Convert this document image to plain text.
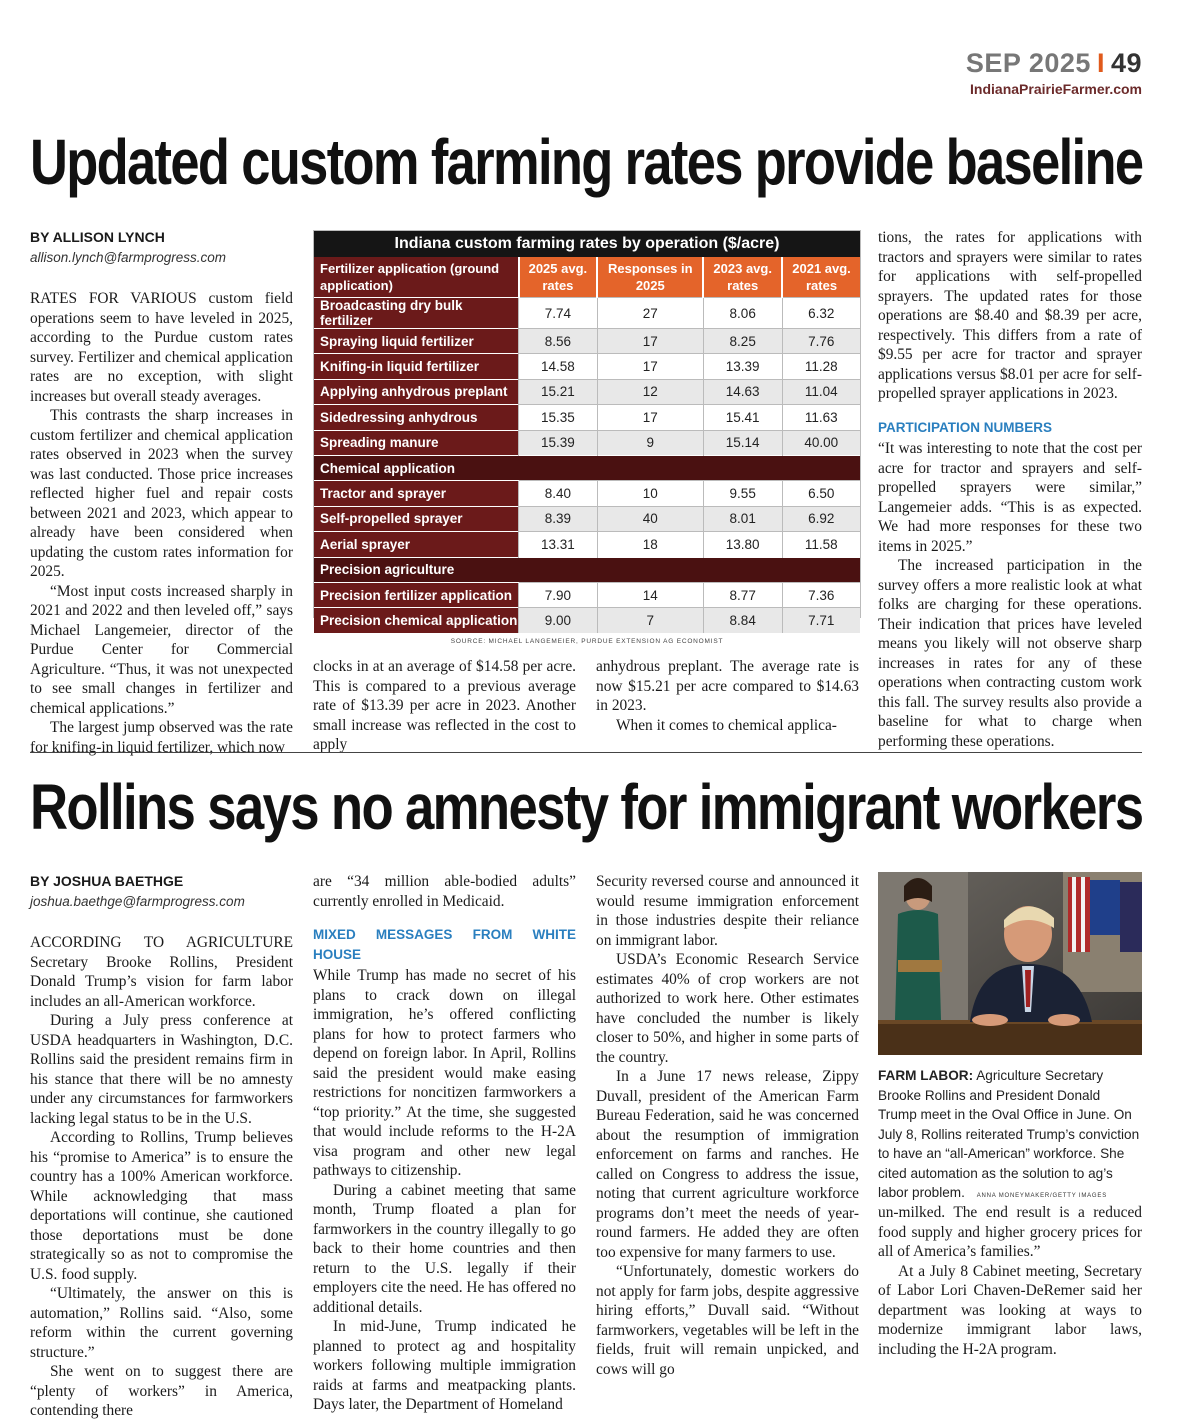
SEP 2025 I 49
IndianaPrairieFarmer.com
Updated custom farming rates provide baseline

BY ALLISON LYNCH

allison.lynch@farmprogress.com

RATES FOR VARIOUS custom field operations seem to have leveled in 2025, according to the Purdue custom rates survey. Fertilizer and chemical application rates are no exception, with slight increases but overall steady averages.

This contrasts the sharp increases in custom fertilizer and chemical application rates observed in 2023 when the survey was last conducted. Those price increases reflected higher fuel and repair costs between 2021 and 2023, which appear to already have been considered when updating the custom rates information for 2025.

“Most input costs increased sharply in 2021 and 2022 and then leveled off,” says Michael Langemeier, director of the Purdue Center for Commercial Agriculture. “Thus, it was not unexpected to see small changes in fertilizer and chemical applications.”

The largest jump observed was the rate for knifing-in liquid fertilizer, which now

Indiana custom farming rates by operation ($/acre)
Fertilizer application (ground application)	2025 avg. rates	Responses in 2025	2023 avg. rates	2021 avg. rates
Broadcasting dry bulk fertilizer	7.74	27	8.06	6.32
Spraying liquid fertilizer	8.56	17	8.25	7.76
Knifing-in liquid fertilizer	14.58	17	13.39	11.28
Applying anhydrous preplant	15.21	12	14.63	11.04
Sidedressing anhydrous	15.35	17	15.41	11.63
Spreading manure	15.39	9	15.14	40.00
Chemical application				
Tractor and sprayer	8.40	10	9.55	6.50
Self-propelled sprayer	8.39	40	8.01	6.92
Aerial sprayer	13.31	18	13.80	11.58
Precision agriculture				
Precision fertilizer application	7.90	14	8.77	7.36
Precision chemical application	9.00	7	8.84	7.71
SOURCE: MICHAEL LANGEMEIER, PURDUE EXTENSION AG ECONOMIST

clocks in at an average of $14.58 per acre. This is compared to a previous average rate of $13.39 per acre in 2023. Another small increase was reflected in the cost to apply

anhydrous preplant. The average rate is now $15.21 per acre compared to $14.63 in 2023.

When it comes to chemical applica-

tions, the rates for applications with tractors and sprayers were similar to rates for applications with self-propelled sprayers. The updated rates for those operations are $8.40 and $8.39 per acre, respectively. This differs from a rate of $9.55 per acre for tractor and sprayer applications versus $8.01 per acre for self-propelled sprayer applications in 2023.

PARTICIPATION NUMBERS

“It was interesting to note that the cost per acre for tractor and sprayers and self-propelled sprayers were similar,” Langemeier adds. “This is as expected. We had more responses for these two items in 2025.”

The increased participation in the survey offers a more realistic look at what folks are charging for these operations. Their indication that prices have leveled means you likely will not observe sharp increases in rates for any of these operations when contracting custom work this fall. The survey results also provide a baseline for what to charge when performing these operations.

Rollins says no amnesty for immigrant workers

BY JOSHUA BAETHGE

joshua.baethge@farmprogress.com

ACCORDING TO AGRICULTURE Secretary Brooke Rollins, President Donald Trump’s vision for farm labor includes an all-American workforce.

During a July press conference at USDA headquarters in Washington, D.C. Rollins said the president remains firm in his stance that there will be no amnesty under any circumstances for farmworkers lacking legal status to be in the U.S.

According to Rollins, Trump believes his “promise to America” is to ensure the country has a 100% American workforce. While acknowledging that mass deportations will continue, she cautioned those deportations must be done strategically so as not to compromise the U.S. food supply.

“Ultimately, the answer on this is automation,” Rollins said. “Also, some reform within the current governing structure.”

She went on to suggest there are “plenty of workers” in America, contending there

are “34 million able-bodied adults” currently enrolled in Medicaid.

MIXED MESSAGES FROM WHITE HOUSE

While Trump has made no secret of his plans to crack down on illegal immigration, he’s offered conflicting plans for how to protect farmers who depend on foreign labor. In April, Rollins said the president would make easing restrictions for noncitizen farmworkers a “top priority.” At the time, she suggested that would include reforms to the H-2A visa program and other new legal pathways to citizenship.

During a cabinet meeting that same month, Trump floated a plan for farmworkers in the country illegally to go back to their home countries and then return to the U.S. legally if their employers cite the need. He has offered no additional details.

In mid-June, Trump indicated he planned to protect ag and hospitality workers following multiple immigration raids at farms and meatpacking plants. Days later, the Department of Homeland

Security reversed course and announced it would resume immigration enforcement in those industries despite their reliance on immigrant labor.

USDA’s Economic Research Service estimates 40% of crop workers are not authorized to work here. Other estimates have concluded the number is likely closer to 50%, and higher in some parts of the country.

In a June 17 news release, Zippy Duvall, president of the American Farm Bureau Federation, said he was concerned about the resumption of immigration enforcement on farms and ranches. He called on Congress to address the issue, noting that current agriculture workforce programs don’t meet the needs of year-round farmers. He added they are often too expensive for many farmers to use.

“Unfortunately, domestic workers do not apply for farm jobs, despite aggressive hiring efforts,” Duvall said. “Without farmworkers, vegetables will be left in the fields, fruit will remain unpicked, and cows will go

FARM LABOR: Agriculture Secretary Brooke Rollins and President Donald Trump meet in the Oval Office in June. On July 8, Rollins reiterated Trump’s conviction to have an “all-American” workforce. She cited automation as the solution to ag’s labor problem. ANNA MONEYMAKER/GETTY IMAGES

un-milked. The end result is a reduced food supply and higher grocery prices for all of America’s families.”

At a July 8 Cabinet meeting, Secretary of Labor Lori Chaven-DeRemer said her department was looking at ways to modernize immigrant labor laws, including the H-2A program.
